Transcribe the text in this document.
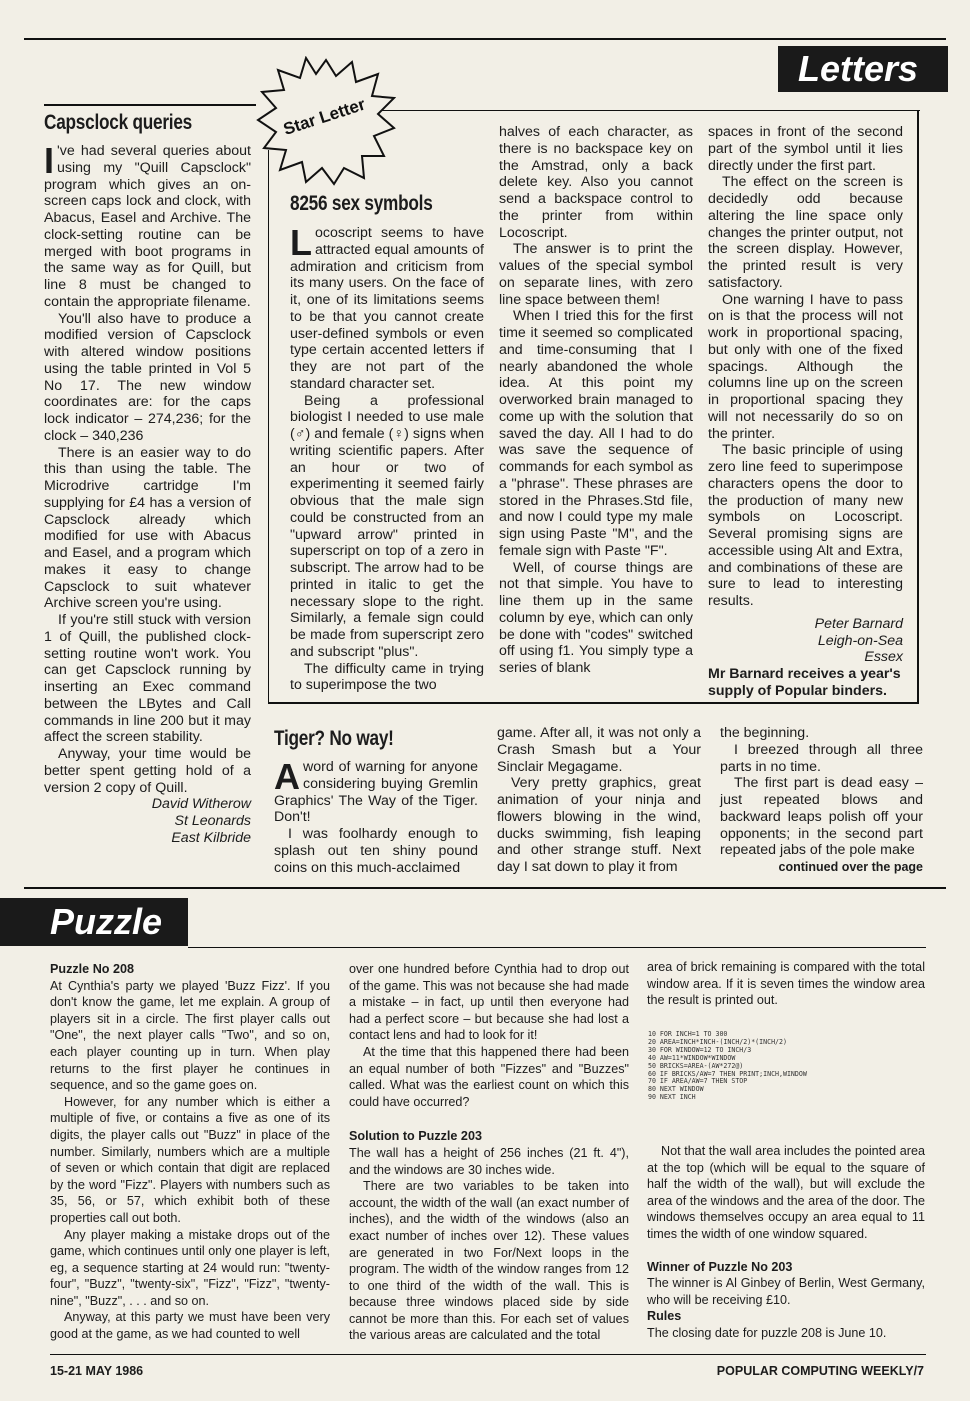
Letters
Star Letter
Capsclock queries

I 've had several queries about using my "Quill Capsclock" program which gives an on-screen caps lock and clock, with Abacus, Easel and Archive. The clock-setting routine can be merged with boot programs in the same way as for Quill, but line 8 must be changed to contain the appropriate filename.

You'll also have to produce a modified version of Capsclock with altered window positions using the table printed in Vol 5 No 17. The new window coordinates are: for the caps lock indicator – 274,236; for the clock – 340,236

There is an easier way to do this than using the table. The Microdrive cartridge I'm supplying for £4 has a version of Capsclock already which modified for use with Abacus and Easel, and a program which makes it easy to change Capsclock to suit whatever Archive screen you're using.

If you're still stuck with version 1 of Quill, the published clock-setting routine won't work. You can get Capsclock running by inserting an Exec command between the LBytes and Call commands in line 200 but it may affect the screen stability.

Anyway, your time would be better spent getting hold of a version 2 copy of Quill.

David Witherow

St Leonards

East Kilbride

8256 sex symbols

Locoscript seems to have attracted equal amounts of admiration and criticism from its many users. On the face of it, one of its limitations seems to be that you cannot create user-defined symbols or even type certain accented letters if they are not part of the standard character set.

Being a professional biologist I needed to use male (♂) and female (♀) signs when writing scientific papers. After an hour or two of experimenting it seemed fairly obvious that the male sign could be constructed from an "upward arrow" printed in superscript on top of a zero in subscript. The arrow had to be printed in italic to get the necessary slope to the right. Similarly, a female sign could be made from superscript zero and subscript "plus".

The difficulty came in trying to superimpose the two

halves of each character, as there is no backspace key on the Amstrad, only a back delete key. Also you cannot send a backspace control to the printer from within Locoscript.

The answer is to print the values of the special symbol on separate lines, with zero line space between them!

When I tried this for the first time it seemed so complicated and time-consuming that I nearly abandoned the whole idea. At this point my overworked brain managed to come up with the solution that saved the day. All I had to do was save the sequence of commands for each symbol as a "phrase". These phrases are stored in the Phrases.Std file, and now I could type my male sign using Paste "M", and the female sign with Paste "F".

Well, of course things are not that simple. You have to line them up in the same column by eye, which can only be done with "codes" switched off using f1. You simply type a series of blank

spaces in front of the second part of the symbol until it lies directly under the first part.

The effect on the screen is decidedly odd because altering the line space only changes the printer output, not the screen display. However, the printed result is very satisfactory.

One warning I have to pass on is that the process will not work in proportional spacing, but only with one of the fixed spacings. Although the columns line up on the screen in proportional spacing they will not necessarily do so on the printer.

The basic principle of using zero line feed to superimpose characters opens the door to the production of many new symbols on Locoscript. Several promising signs are accessible using Alt and Extra, and combinations of these are sure to lead to interesting results.

Peter Barnard

Leigh-on-Sea

Essex

Mr Barnard receives a year's supply of Popular binders.

Tiger? No way!

Aword of warning for anyone considering buying Gremlin Graphics' The Way of the Tiger. Don't!

I was foolhardy enough to splash out ten shiny pound coins on this much-acclaimed

game. After all, it was not only a Crash Smash but a Your Sinclair Megagame.

Very pretty graphics, great animation of your ninja and flowers blowing in the wind, ducks swimming, fish leaping and other strange stuff. Next day I sat down to play it from

the beginning.

I breezed through all three parts in no time.

The first part is dead easy – just repeated blows and backward leaps polish off your opponents; in the second part repeated jabs of the pole make

continued over the page

Puzzle

Puzzle No 208

At Cynthia's party we played 'Buzz Fizz'. If you don't know the game, let me explain. A group of players sit in a circle. The first player calls out "One", the next player calls "Two", and so on, each player counting up in turn. When play returns to the first player he continues in sequence, and so the game goes on.

However, for any number which is either a multiple of five, or contains a five as one of its digits, the player calls out "Buzz" in place of the number. Similarly, numbers which are a multiple of seven or which contain that digit are replaced by the word "Fizz". Players with numbers such as 35, 56, or 57, which exhibit both of these properties call out both.

Any player making a mistake drops out of the game, which continues until only one player is left, eg, a sequence starting at 24 would run: "twenty-four", "Buzz", "twenty-six", "Fizz", "Fizz", "twenty-nine", "Buzz", . . . and so on.

Anyway, at this party we must have been very good at the game, as we had counted to well

over one hundred before Cynthia had to drop out of the game. This was not because she had made a mistake – in fact, up until then everyone had had a perfect score – but because she had lost a contact lens and had to look for it!

At the time that this happened there had been an equal number of both "Fizzes" and "Buzzes" called. What was the earliest count on which this could have occurred?

Solution to Puzzle 203

The wall has a height of 256 inches (21 ft. 4"), and the windows are 30 inches wide.

There are two variables to be taken into account, the width of the wall (an exact number of inches), and the width of the windows (also an exact number of inches over 12). These values are generated in two For/Next loops in the program. The width of the window ranges from 12 to one third of the width of the wall. This is because three windows placed side by side cannot be more than this. For each set of values the various areas are calculated and the total

area of brick remaining is compared with the total window area. If it is seven times the window area the result is printed out.

10 FOR INCH=1 TO 300
20 AREA=INCH*INCH-(INCH/2)*(INCH/2)
30 FOR WINDOW=12 TO INCH/3
40 AW=11*WINDOW*WINDOW
50 BRICKS=AREA-(AW*272@)
60 IF BRICKS/AW=7 THEN PRINT;INCH,WINDOW
70 IF AREA/AW=7 THEN STOP
80 NEXT WINDOW
90 NEXT INCH

Not that the wall area includes the pointed area at the top (which will be equal to the square of half the width of the wall), but will exclude the area of the windows and the area of the door. The windows themselves occupy an area equal to 11 times the width of one window squared.

Winner of Puzzle No 203

The winner is Al Ginbey of Berlin, West Germany, who will be receiving £10.

Rules

The closing date for puzzle 208 is June 10.

15-21 MAY 1986	POPULAR COMPUTING WEEKLY/7
